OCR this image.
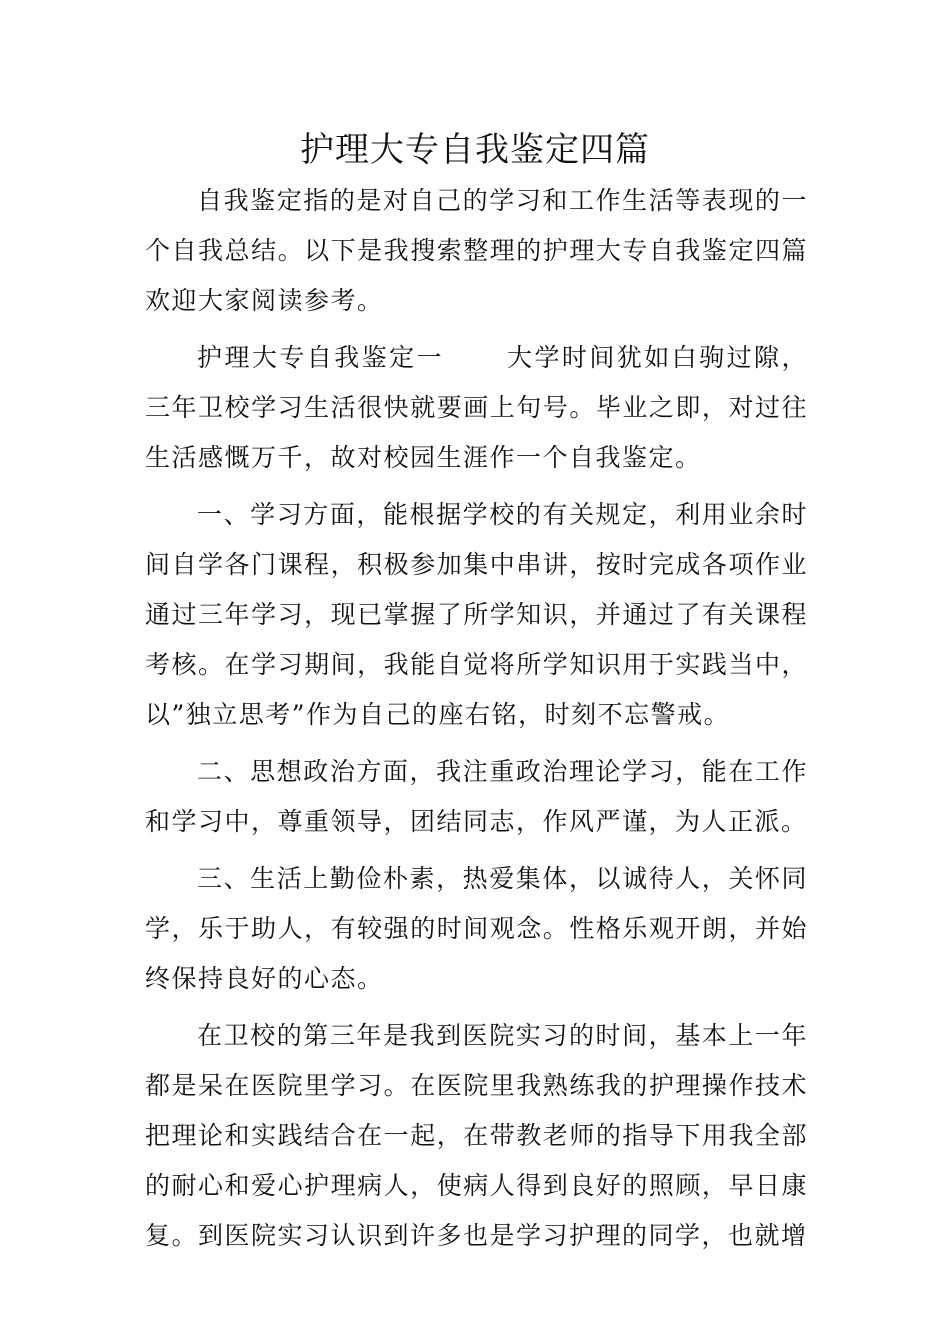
护理大专自我鉴定四篇

自我鉴定指的是对自己的学习和工作生活等表现的一个自我总结。以下是我搜索整理的护理大专自我鉴定四篇欢迎大家阅读参考。

护理大专自我鉴定一 大学时间犹如白驹过隙，三年卫校学习生活很快就要画上句号。毕业之即，对过往生活感慨万千，故对校园生涯作一个自我鉴定。

一、学习方面，能根据学校的有关规定，利用业余时间自学各门课程，积极参加集中串讲，按时完成各项作业通过三年学习，现已掌握了所学知识，并通过了有关课程考核。在学习期间，我能自觉将所学知识用于实践当中，以”独立思考”作为自己的座右铭，时刻不忘警戒。

二、思想政治方面，我注重政治理论学习，能在工作和学习中，尊重领导，团结同志，作风严谨，为人正派。

三、生活上勤俭朴素，热爱集体，以诚待人，关怀同学，乐于助人，有较强的时间观念。性格乐观开朗，并始终保持良好的心态。

在卫校的第三年是我到医院实习的时间，基本上一年都是呆在医院里学习。在医院里我熟练我的护理操作技术把理论和实践结合在一起，在带教老师的指导下用我全部的耐心和爱心护理病人，使病人得到良好的照顾，早日康复。到医院实习认识到许多也是学习护理的同学，也就增
